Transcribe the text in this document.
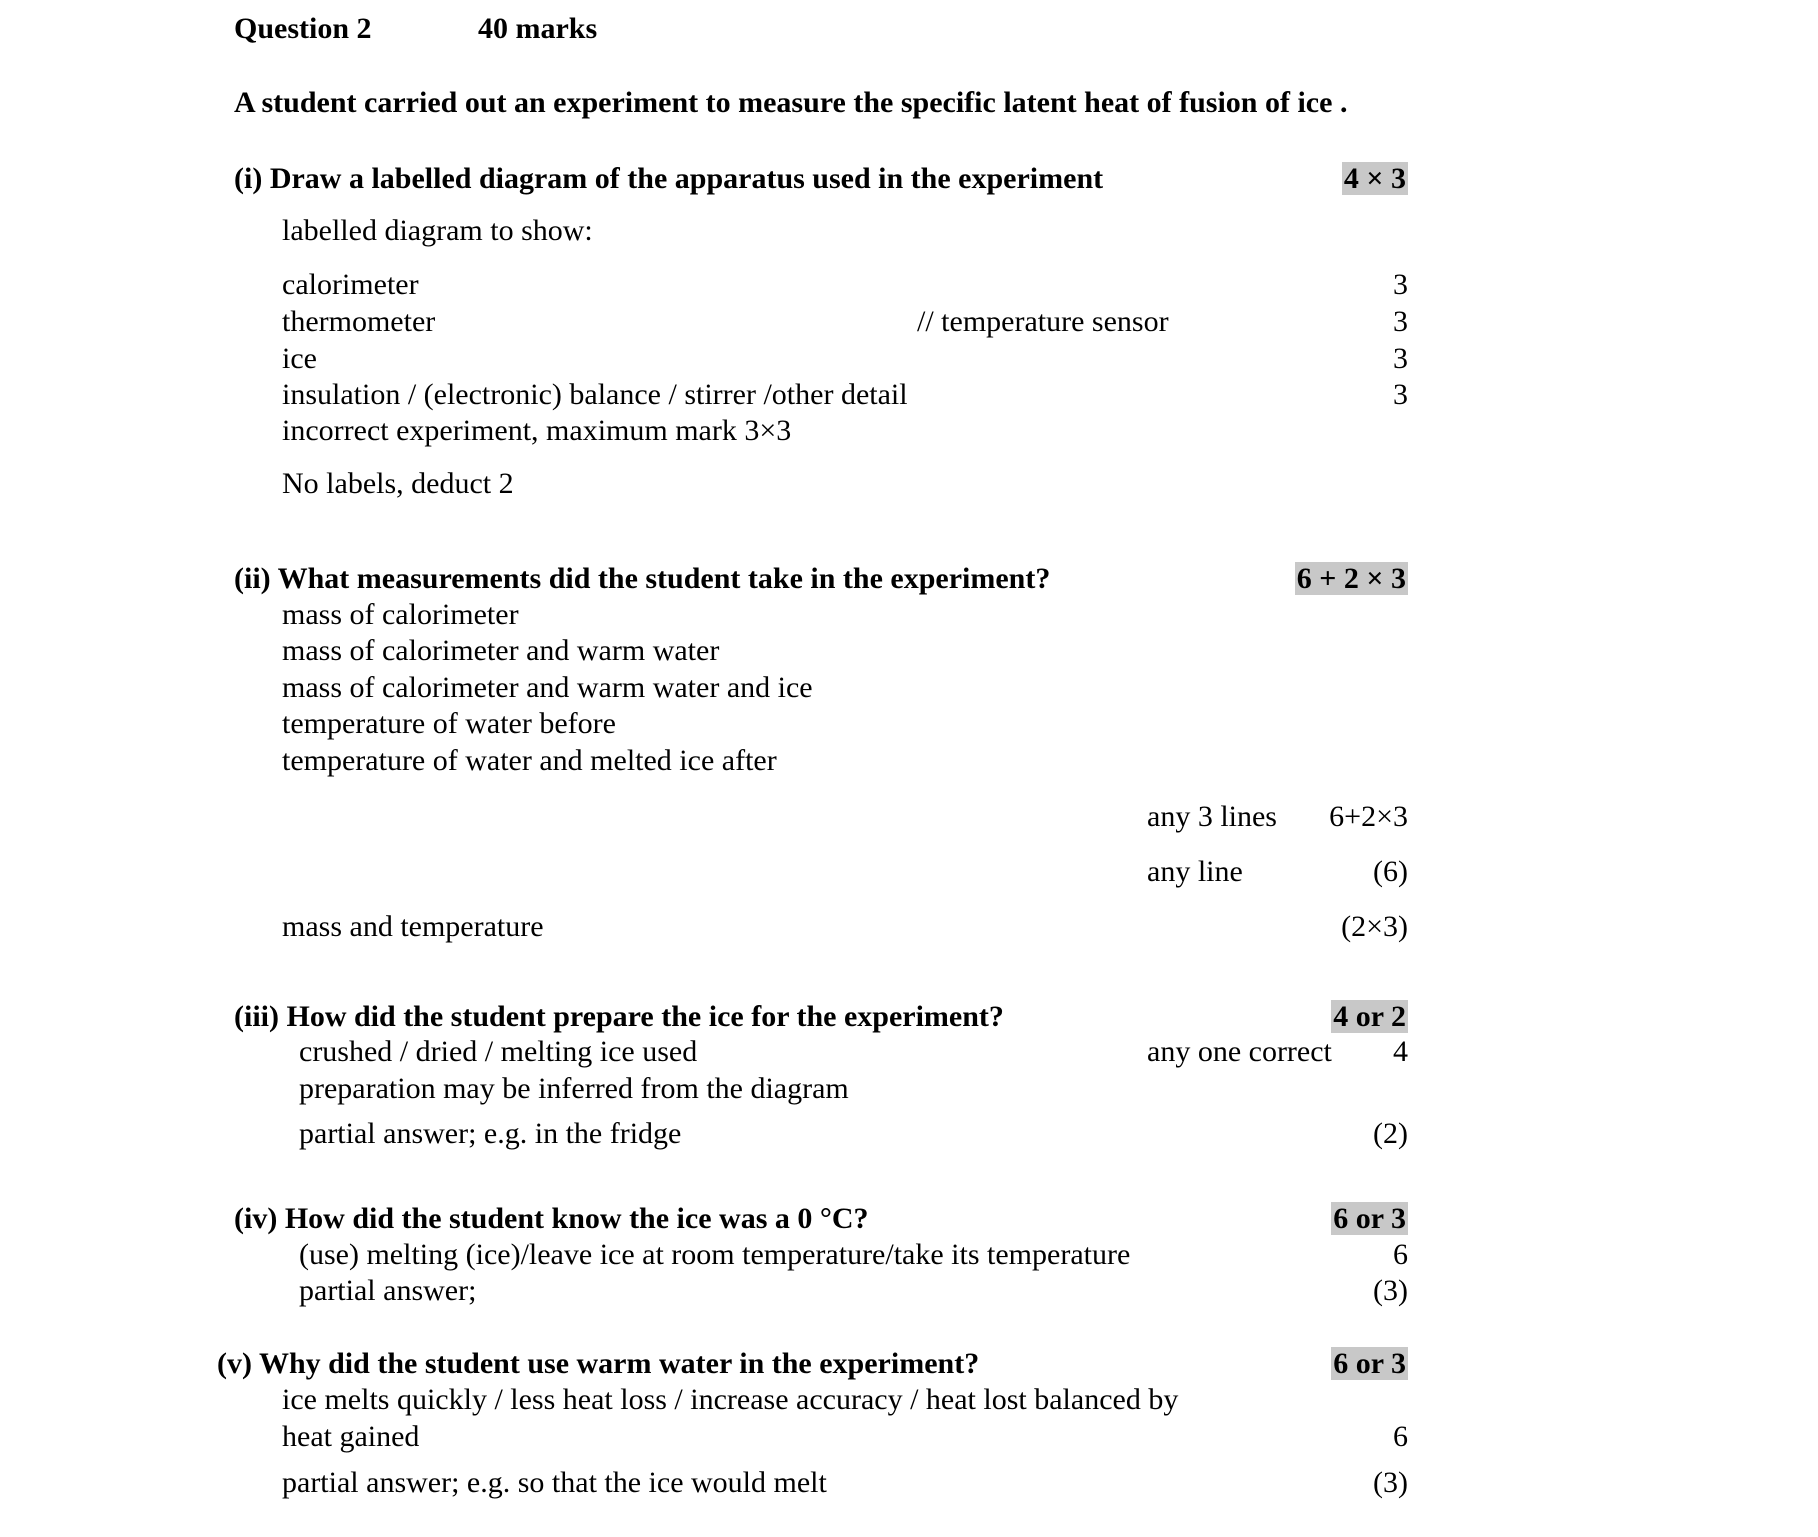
Question 2	40 marks
A student carried out an experiment to measure the specific latent heat of fusion of ice .
(i) Draw a labelled diagram of the apparatus used in the experiment	4 × 3
labelled diagram to show:
calorimeter	3
thermometer	// temperature sensor	3
ice	3
insulation / (electronic) balance / stirrer /other detail	3
incorrect experiment, maximum mark 3×3
No labels, deduct 2
(ii) What measurements did the student take in the experiment?	6 + 2 × 3
mass of calorimeter
mass of calorimeter and warm water
mass of calorimeter and warm water and ice
temperature of water before
temperature of water and melted ice after
any 3 lines 6+2×3
any line	(6)
mass and temperature	(2×3)
(iii) How did the student prepare the ice for the experiment?	4 or 2
crushed / dried / melting ice used	any one correct 4
preparation may be inferred from the diagram
partial answer; e.g. in the fridge	(2)
(iv) How did the student know the ice was a 0 °C?	6 or 3
(use) melting (ice)/leave ice at room temperature/take its temperature	6
partial answer;	(3)
(v) Why did the student use warm water in the experiment?	6 or 3
ice melts quickly / less heat loss / increase accuracy / heat lost balanced by
heat gained	6
partial answer; e.g. so that the ice would melt	(3)
